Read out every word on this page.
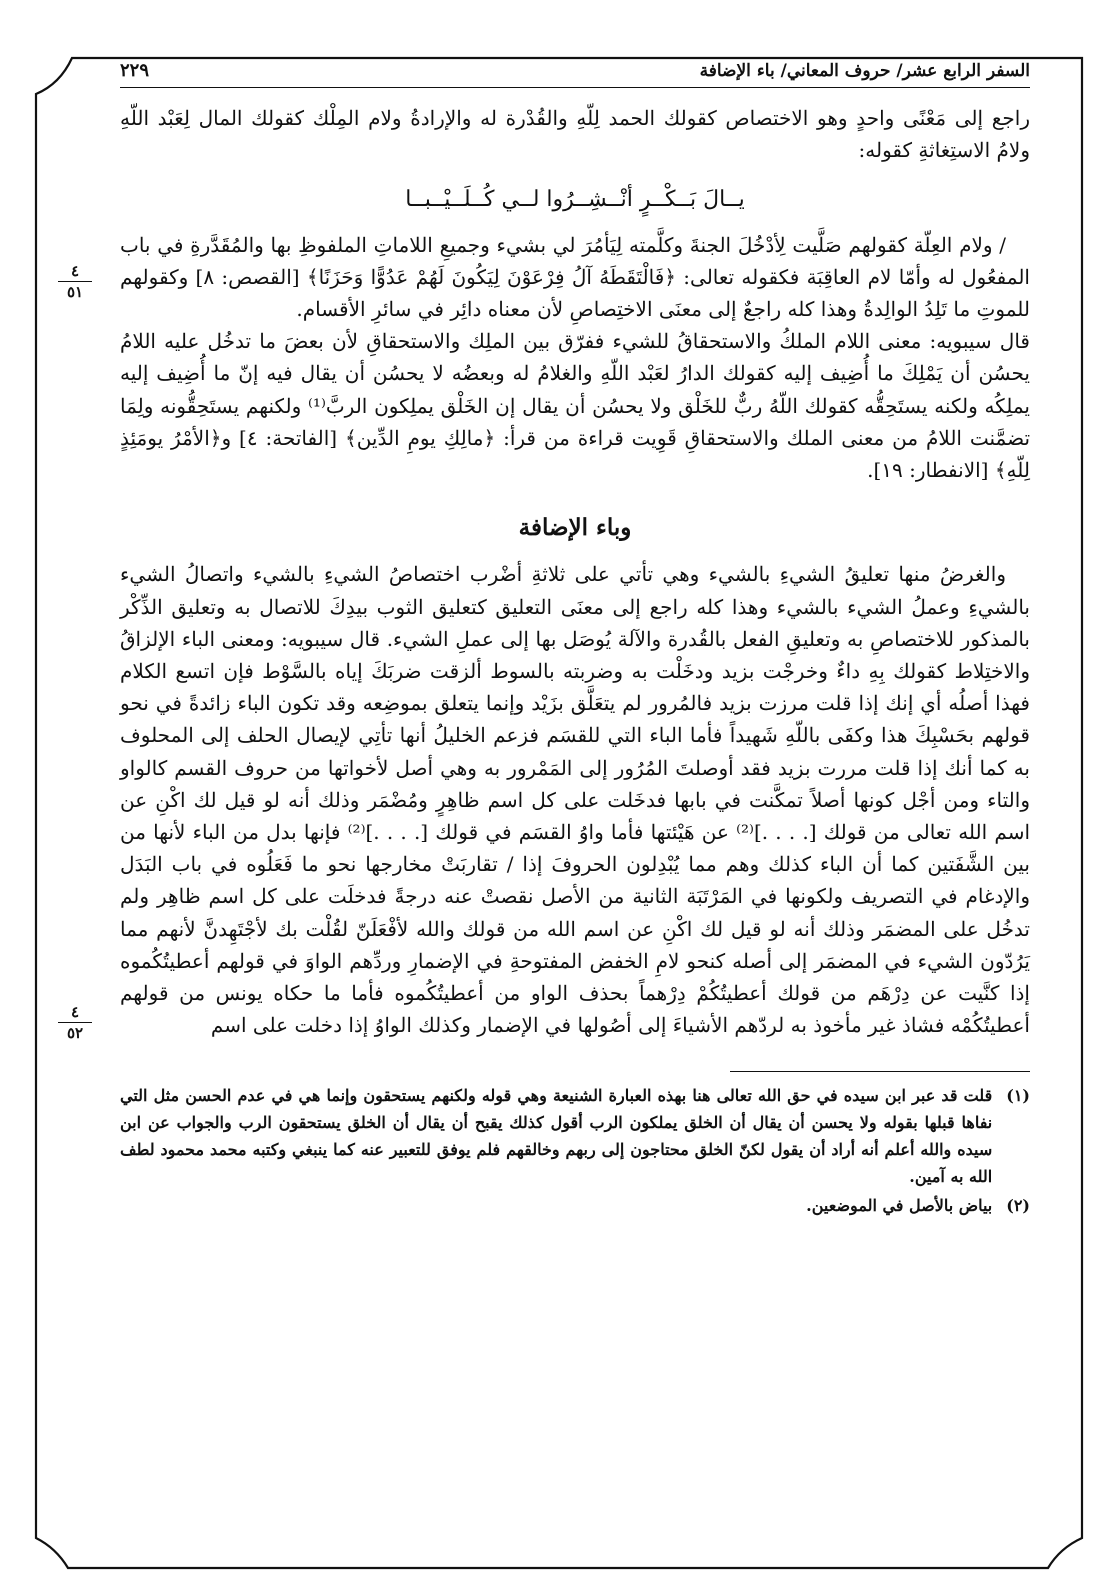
السفر الرابع عشر/ حروف المعاني/ باء الإضافة
٢٢٩

راجع إلى مَعْنًى واحدٍ وهو الاختصاص كقولك الحمد لِلّهِ والقُدْرة له والإرادةُ ولام المِلْك كقولك المال لِعَبْد اللّهِ ولامُ الاستِغاثةِ كقوله:

يــالَ بَــكْــرٍ أنْــشِــرُوا لــي كُــلَــيْــبــا

/ ولام العِلّة كقولهم صَلَّيت لِأدْخُلَ الجنةَ وكلَّمته لِيَأمُرَ لي بشيء وجميعِ اللاماتِ الملفوظِ بها والمُقَدَّرةِ في باب المفعُول له وأمّا لام العاقِبَة فكقوله تعالى: ﴿فَالْتَقَطَهُ آلُ فِرْعَوْنَ لِيَكُونَ لَهُمْ عَدُوًّا وَحَزَنًا﴾ [القصص: ٨] وكقولهم للموتِ ما تَلِدُ الوالِدةُ وهذا كله راجعٌ إلى معنَى الاختِصاصِ لأن معناه دائِر في سائرِ الأقسام.

قال سيبويه: معنى اللام الملكُ والاستحقاقُ للشيء ففرّق بين الملِك والاستحقاقِ لأن بعضَ ما تدخُل عليه اللامُ يحسُن أن يَمْلِكَ ما أُضِيف إليه كقولك الدارُ لعَبْد اللّهِ والغلامُ له وبعضُه لا يحسُن أن يقال فيه إنّ ما أُضِيف إليه يملِكُه ولكنه يستَحِقُّه كقولك اللّهُ ربٌّ للخَلْق ولا يحسُن أن يقال إن الخَلْق يملِكون الربَّ⁽¹⁾ ولكنهم يستَحِقُّونه ولِمَا تضمَّنت اللامُ من معنى الملك والاستحقاقِ قَوِيت قراءة من قرأ: ﴿مالِكِ يومِ الدِّين﴾ [الفاتحة: ٤] و﴿الأمْرُ يومَئِذٍ لِلّهِ﴾ [الانفطار: ١٩].

وباء الإضافة

والغرضُ منها تعليقُ الشيءِ بالشيء وهي تأتي على ثلاثةِ أضْرب اختصاصُ الشيءِ بالشيء واتصالُ الشيء بالشيءِ وعملُ الشيء بالشيء وهذا كله راجع إلى معنَى التعليق كتعليق الثوب بيدِكَ للاتصال به وتعليق الذِّكْر بالمذكور للاختصاصِ به وتعليقِ الفعل بالقُدرة والآلة يُوصَل بها إلى عملِ الشيء. قال سيبويه: ومعنى الباء الإلزاقُ والاختِلاط كقولك بِهِ داءٌ وخرجْت بزيد ودخَلْت به وضربته بالسوط ألزقت ضربَكَ إياه بالسَّوْط فإن اتسع الكلام فهذا أصلُه أي إنك إذا قلت مرزت بزيد فالمُرور لم يتعَلَّق بزَيْد وإنما يتعلق بموضِعه وقد تكون الباء زائدةً في نحو قولهم بحَسْبِكَ هذا وكفَى باللّهِ شَهيداً فأما الباء التي للقسَم فزعم الخليلُ أنها تأتِي لإيصال الحلف إلى المحلوف به كما أنك إذا قلت مررت بزيد فقد أوصلتَ المُرُور إلى المَمْرور به وهي أصل لأخواتها من حروف القسم كالواو والتاء ومن أجْل كونها أصلاً تمكَّنت في بابها فدخَلت على كل اسم ظاهِرٍ ومُضْمَر وذلك أنه لو قيل لك اكْنِ عن اسم الله تعالى من قولك [. . . .]⁽²⁾ عن هَيْئتها فأما واوُ القسَم في قولك [. . . .]⁽²⁾ فإنها بدل من الباء لأنها من بين الشَّفَتين كما أن الباء كذلك وهم مما يُبْدِلون الحروفَ إذا / تقاربَتْ مخارجها نحو ما فَعَلُوه في باب البَدَل والإدغام في التصريف ولكونها في المَرْتَبَة الثانية من الأصل نقصتْ عنه درجةً فدخلَت على كل اسم ظاهِر ولم تدخُل على المضمَر وذلك أنه لو قيل لك اكْنِ عن اسم الله من قولك والله لأفْعَلَنّ لقُلْت بك لأجْتَهِدنَّ لأنهم مما يَرُدّون الشيء في المضمَر إلى أصله كنحو لامِ الخفض المفتوحةِ في الإضمارِ وردِّهم الواوَ في قولهم أعطيتُكُموه إذا كنَّيت عن دِرْهَم من قولك أعطيتُكُمْ دِرْهماً بحذف الواو من أعطيتُكُموه فأما ما حكاه يونس من قولهم أعطيتُكُمْه فشاذ غير مأخوذ به لردّهم الأشياءَ إلى أصُولها في الإضمار وكذلك الواوُ إذا دخلت على اسم

٤
٥١
٤
٥٢
(١)
قلت قد عبر ابن سيده في حق الله تعالى هنا بهذه العبارة الشنيعة وهي قوله ولكنهم يستحقون وإنما هي في عدم الحسن مثل التي نفاها قبلها بقوله ولا يحسن أن يقال أن الخلق يملكون الرب أقول كذلك يقبح أن يقال أن الخلق يستحقون الرب والجواب عن ابن سيده والله أعلم أنه أراد أن يقول لكنّ الخلق محتاجون إلى ربهم وخالقهم فلم يوفق للتعبير عنه كما ينبغي وكتبه محمد محمود لطف الله به آمين.
(٢)
بياض بالأصل في الموضعين.
